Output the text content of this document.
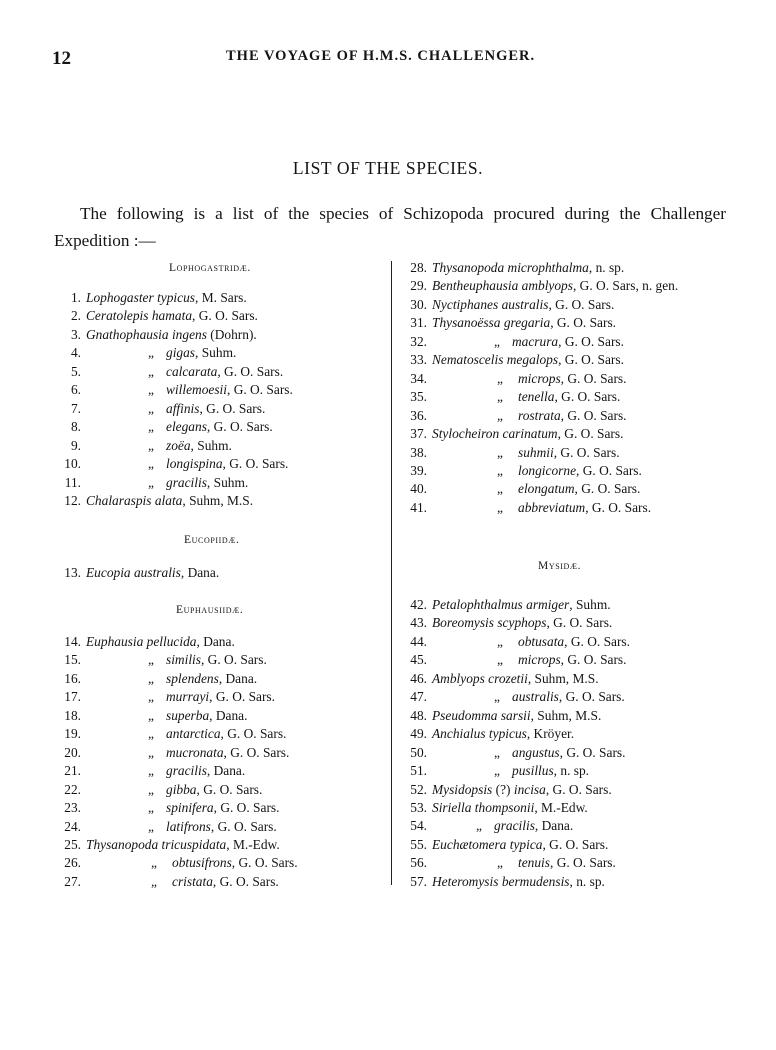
12	THE VOYAGE OF H.M.S. CHALLENGER.
LIST OF THE SPECIES.
The following is a list of the species of Schizopoda procured during the Challenger Expedition :—
Lophogastridæ.
1. Lophogaster typicus, M. Sars.
2. Ceratolepis hamata, G. O. Sars.
3. Gnathophausia ingens (Dohrn).
4.	„ gigas, Suhm.
5.	„ calcarata, G. O. Sars.
6.	„ willemoesii, G. O. Sars.
7.	„ affinis, G. O. Sars.
8.	„ elegans, G. O. Sars.
9.	„ zoëa, Suhm.
10.	„ longispina, G. O. Sars.
11.	„ gracilis, Suhm.
12. Chalaraspis alata, Suhm, M.S.
Eucopiidæ.
13. Eucopia australis, Dana.
Euphausiidæ.
14. Euphausia pellucida, Dana.
15.	„ similis, G. O. Sars.
16.	„ splendens, Dana.
17.	„ murrayi, G. O. Sars.
18.	„ superba, Dana.
19.	„ antarctica, G. O. Sars.
20.	„ mucronata, G. O. Sars.
21.	„ gracilis, Dana.
22.	„ gibba, G. O. Sars.
23.	„ spinifera, G. O. Sars.
24.	„ latifrons, G. O. Sars.
25. Thysanopoda tricuspidata, M.-Edw.
26.	„ obtusifrons, G. O. Sars.
27.	„ cristata, G. O. Sars.
28. Thysanopoda microphthalma, n. sp.
29. Bentheuphausia amblyops, G. O. Sars, n. gen.
30. Nyctiphanes australis, G. O. Sars.
31. Thysanoëssa gregaria, G. O. Sars.
32.	„ macrura, G. O. Sars.
33. Nematoscelis megalops, G. O. Sars.
34.	„ microps, G. O. Sars.
35.	„ tenella, G. O. Sars.
36.	„ rostrata, G. O. Sars.
37. Stylocheiron carinatum, G. O. Sars.
38.	„ suhmii, G. O. Sars.
39.	„ longicorne, G. O. Sars.
40.	„ elongatum, G. O. Sars.
41.	„ abbreviatum, G. O. Sars.
Mysidæ.
42. Petalophthalmus armiger, Suhm.
43. Boreomysis scyphops, G. O. Sars.
44.	„ obtusata, G. O. Sars.
45.	„ microps, G. O. Sars.
46. Amblyops crozetii, Suhm, M.S.
47.	„ australis, G. O. Sars.
48. Pseudomma sarsii, Suhm, M.S.
49. Anchialus typicus, Kröyer.
50.	„ angustus, G. O. Sars.
51.	„ pusillus, n. sp.
52. Mysidopsis (?) incisa, G. O. Sars.
53. Siriella thompsonii, M.-Edw.
54.	„ gracilis, Dana.
55. Euchætomera typica, G. O. Sars.
56.	„ tenuis, G. O. Sars.
57. Heteromysis bermudensis, n. sp.
